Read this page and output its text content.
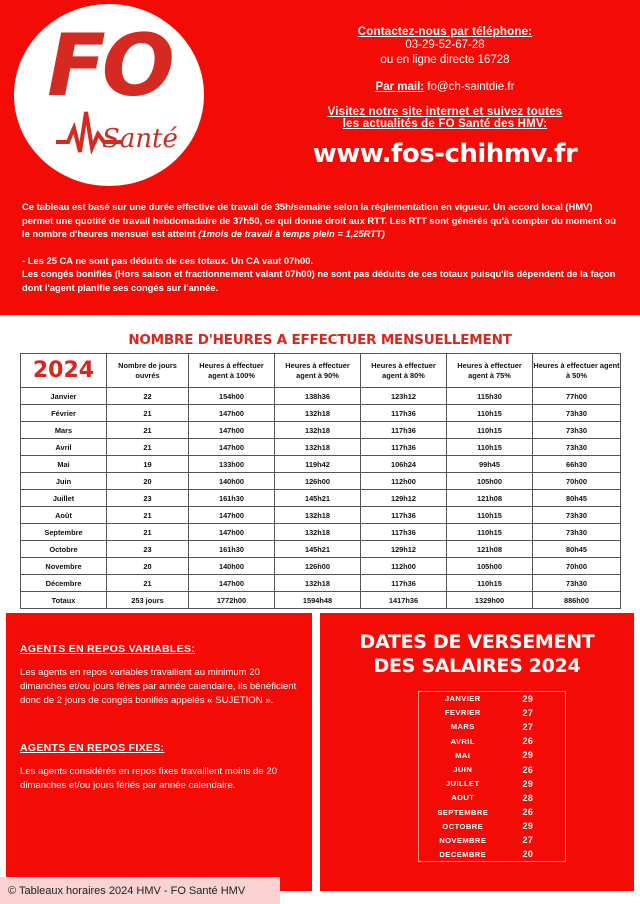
FO
Santé
Contactez-nous par téléphone:
03-29-52-67-28
ou en ligne directe 16728
Par mail: fo@ch-saintdie.fr
Visitez notre site internet et suivez toutes
les actualités de FO Santé des HMV:
www.fos-chihmv.fr

Ce tableau est basé sur une durée effective de travail de 35h/semaine selon la réglementation en vigueur. Un accord local (HMV) permet une quotité de travail hebdomadaire de 37h50, ce qui donne droit aux RTT. Les RTT sont générés qu'à compter du moment où le nombre d'heures mensuel est atteint (1mois de travail à temps plein = 1,25RTT)

- Les 25 CA ne sont pas déduits de ces totaux. Un CA vaut 07h00.

Les congés bonifiés (Hors saison et fractionnement valant 07h00) ne sont pas déduits de ces totaux puisqu'ils dépendent de la façon dont l'agent planifie ses congés sur l'année.

NOMBRE D'HEURES A EFFECTUER MENSUELLEMENT
2024	Nombre de jours ouvrés	Heures à effectuer agent à 100%	Heures à effectuer agent à 90%	Heures à effectuer agent à 80%	Heures à effectuer agent à 75%	Heures à effectuer agent à 50%
Janvier	22	154h00	138h36	123h12	115h30	77h00
Février	21	147h00	132h18	117h36	110h15	73h30
Mars	21	147h00	132h18	117h36	110h15	73h30
Avril	21	147h00	132h18	117h36	110h15	73h30
Mai	19	133h00	119h42	106h24	99h45	66h30
Juin	20	140h00	126h00	112h00	105h00	70h00
Juillet	23	161h30	145h21	129h12	121h08	80h45
Août	21	147h00	132h18	117h36	110h15	73h30
Septembre	21	147h00	132h18	117h36	110h15	73h30
Octobre	23	161h30	145h21	129h12	121h08	80h45
Novembre	20	140h00	126h00	112h00	105h00	70h00
Décembre	21	147h00	132h18	117h36	110h15	73h30
Totaux	253 jours	1772h00	1594h48	1417h36	1329h00	886h00
AGENTS EN REPOS VARIABLES:
Les agents en repos variables travaillent au minimum 20 dimanches et/ou jours fériés par année calendaire, ils bénéficient donc de 2 jours de congés bonifiés appelés « SUJETION ».
AGENTS EN REPOS FIXES:
Les agents considérés en repos fixes travaillent moins de 20 dimanches et/ou jours fériés par année calendaire.
DATES DE VERSEMENT
DES SALAIRES 2024
JANVIER	29
FEVRIER	27
MARS	27
AVRIL	26
MAI	29
JUIN	26
JUILLET	29
AOUT	28
SEPTEMBRE	26
OCTOBRE	29
NOVEMBRE	27
DECEMBRE	20
© Tableaux horaires 2024 HMV - FO Santé HMV
